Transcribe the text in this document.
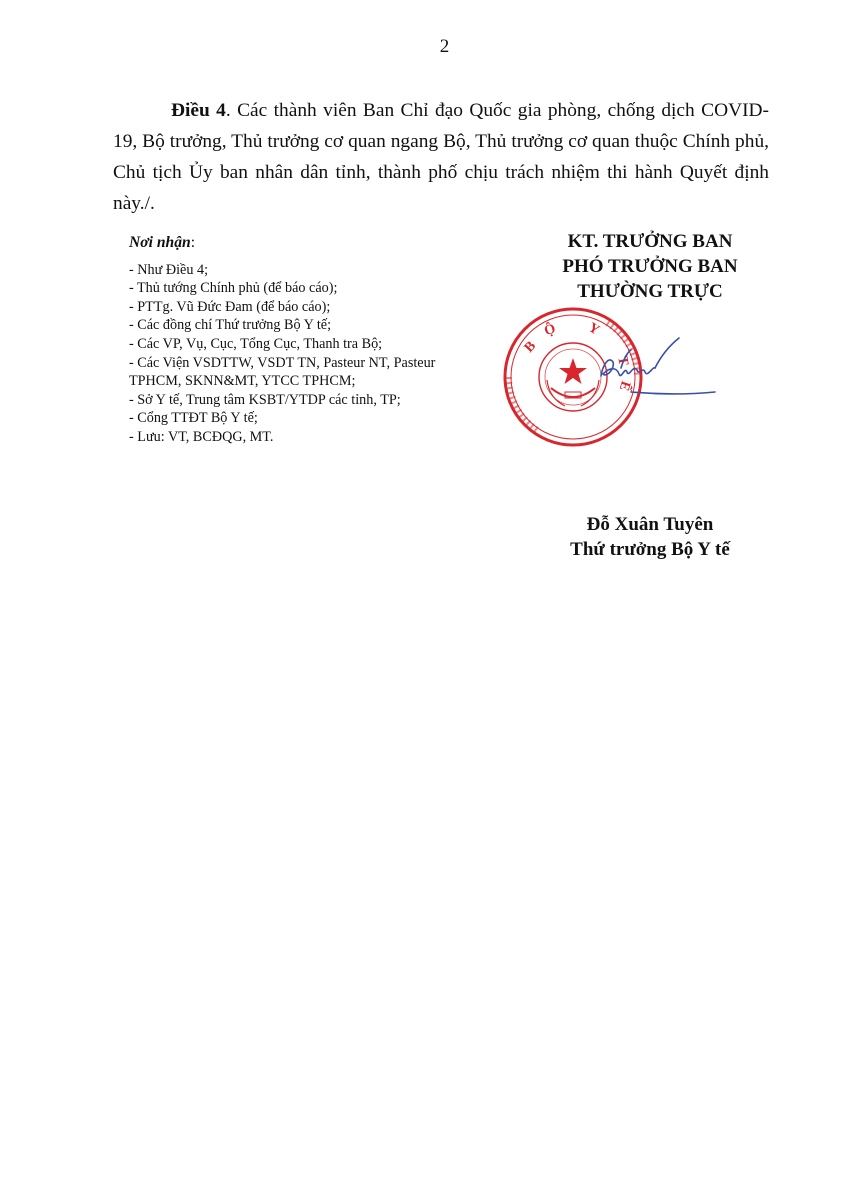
2
Điều 4. Các thành viên Ban Chỉ đạo Quốc gia phòng, chống dịch COVID-19, Bộ trưởng, Thủ trưởng cơ quan ngang Bộ, Thủ trưởng cơ quan thuộc Chính phủ, Chủ tịch Ủy ban nhân dân tỉnh, thành phố chịu trách nhiệm thi hành Quyết định này./.
Nơi nhận:
- Như Điều 4;
- Thủ tướng Chính phủ (để báo cáo);
- PTTg. Vũ Đức Đam (để báo cáo);
- Các đồng chí Thứ trưởng Bộ Y tế;
- Các VP, Vụ, Cục, Tổng Cục, Thanh tra Bộ;
- Các Viện VSDTTW, VSDT TN, Pasteur NT, Pasteur
TPHCM, SKNN&MT, YTCC TPHCM;
- Sở Y tế, Trung tâm KSBT/YTDP các tỉnh, TP;
- Cổng TTĐT Bộ Y tế;
- Lưu: VT, BCĐQG, MT.
KT. TRƯỞNG BAN
PHÓ TRƯỞNG BAN
THƯỜNG TRỰC
BỘ Y TẾ
Đỗ Xuân Tuyên
Thứ trưởng Bộ Y tế
